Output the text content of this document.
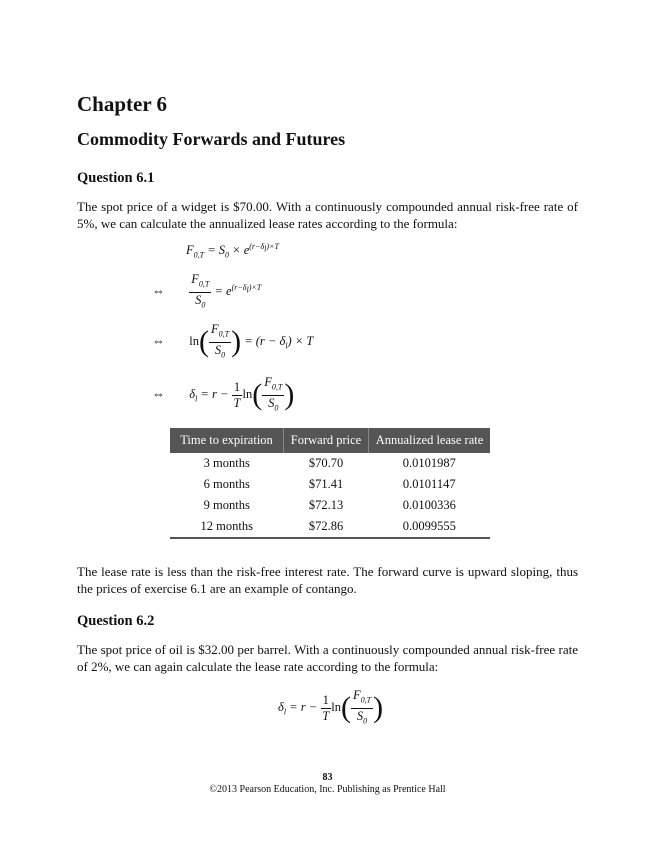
Chapter 6
Commodity Forwards and Futures
Question 6.1

The spot price of a widget is $70.00. With a continuously compounded annual risk-free rate of 5%, we can calculate the annualized lease rates according to the formula:

$F_{0,T} = S_0 \times e^{(r-\delta_l)\times T}$
⇔ $\frac{F_{0,T}}{S_0} = e^{(r-\delta_l)\times T}$
⇔ $\ln( \frac{F_{0,T}}{S_0}$ ) = $(r - \delta_l) \times T$
⇔  $\delta_l = r - \frac{1}{T} \ln( \frac{F_{0,T}}{S_0}$ )
Time to expiration	Forward price	Annualized lease rate
3 months	$70.70	0.0101987
6 months	$71.41	0.0101147
9 months	$72.13	0.0100336
12 months	$72.86	0.0099555

The lease rate is less than the risk-free interest rate. The forward curve is upward sloping, thus the prices of exercise 6.1 are an example of contango.

Question 6.2

The spot price of oil is $32.00 per barrel. With a continuously compounded annual risk-free rate of 2%, we can again calculate the lease rate according to the formula:

$\delta_l = r - \frac{1}{T} \ln( \frac{F_{0,T}}{S_0}$ )
83
©2013 Pearson Education, Inc. Publishing as Prentice Hall
